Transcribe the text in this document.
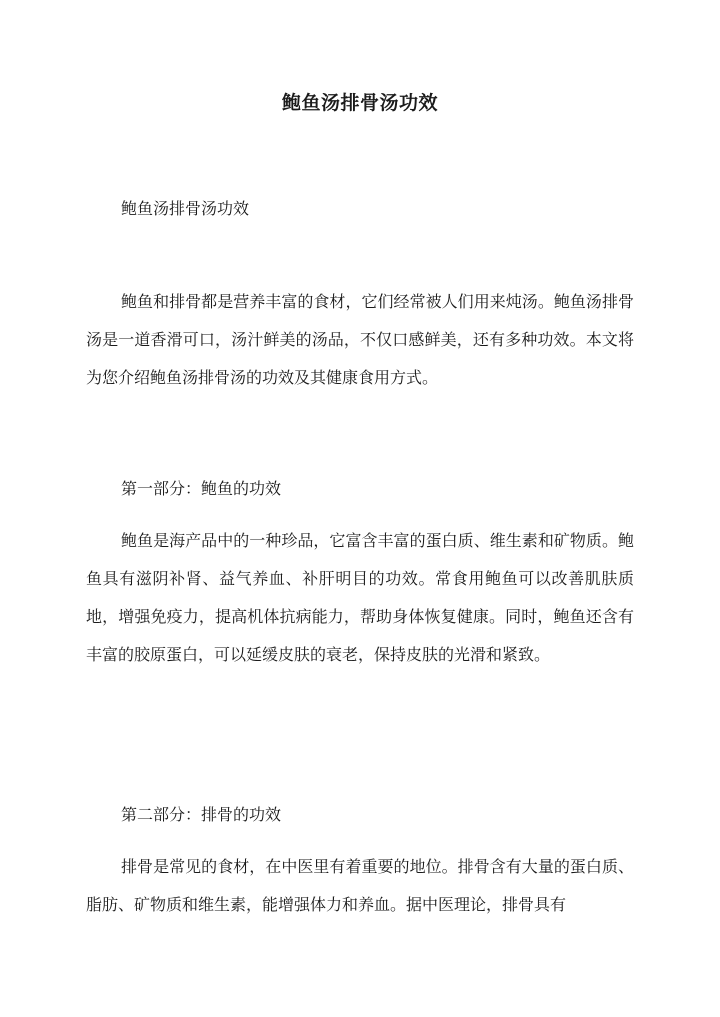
鲍鱼汤排骨汤功效

鲍鱼汤排骨汤功效

鲍鱼和排骨都是营养丰富的食材，它们经常被人们用来炖汤。鲍鱼汤排骨汤是一道香滑可口，汤汁鲜美的汤品，不仅口感鲜美，还有多种功效。本文将为您介绍鲍鱼汤排骨汤的功效及其健康食用方式。

第一部分：鲍鱼的功效

鲍鱼是海产品中的一种珍品，它富含丰富的蛋白质、维生素和矿物质。鲍鱼具有滋阴补肾、益气养血、补肝明目的功效。常食用鲍鱼可以改善肌肤质地，增强免疫力，提高机体抗病能力，帮助身体恢复健康。同时，鲍鱼还含有丰富的胶原蛋白，可以延缓皮肤的衰老，保持皮肤的光滑和紧致。

第二部分：排骨的功效

排骨是常见的食材，在中医里有着重要的地位。排骨含有大量的蛋白质、脂肪、矿物质和维生素，能增强体力和养血。据中医理论，排骨具有
